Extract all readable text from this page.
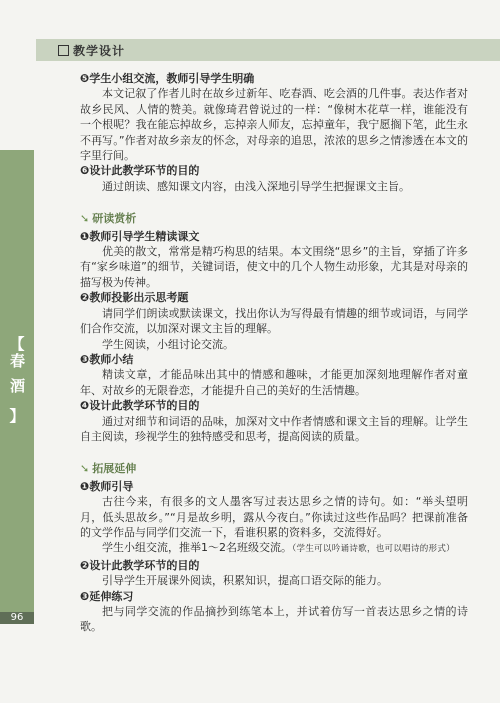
【
春酒
】
96
教学设计

❺学生小组交流，教师引导学生明确

本文记叙了作者儿时在故乡过新年、吃春酒、吃会酒的几件事。表达作者对故乡民风、人情的赞美。就像琦君曾说过的一样：“像树木花草一样，谁能没有一个根呢？我在能忘掉故乡，忘掉亲人师友，忘掉童年，我宁愿搁下笔，此生永不再写。”作者对故乡亲友的怀念，对母亲的追思，浓浓的思乡之情渗透在本文的字里行间。

❻设计此教学环节的目的

通过朗读、感知课文内容，由浅入深地引导学生把握课文主旨。

➘ 研读赏析

❶教师引导学生精读课文

优美的散文，常常是精巧构思的结果。本文围绕“思乡”的主旨，穿插了许多有“家乡味道”的细节，关键词语，使文中的几个人物生动形象，尤其是对母亲的描写极为传神。

❷教师投影出示思考题

请同学们朗读或默读课文，找出你认为写得最有情趣的细节或词语，与同学们合作交流，以加深对课文主旨的理解。

学生阅读，小组讨论交流。

❸教师小结

精读文章，才能品味出其中的情感和趣味，才能更加深刻地理解作者对童年、对故乡的无限眷恋，才能提升自己的美好的生活情趣。

❹设计此教学环节的目的

通过对细节和词语的品味，加深对文中作者情感和课文主旨的理解。让学生自主阅读，珍视学生的独特感受和思考，提高阅读的质量。

➘ 拓展延伸

❶教师引导

古往今来，有很多的文人墨客写过表达思乡之情的诗句。如：“举头望明月，低头思故乡。”“月是故乡明，露从今夜白。”你读过这些作品吗？把课前准备的文学作品与同学们交流一下，看谁积累的资料多，交流得好。

学生小组交流，推举1～2名班级交流。（学生可以吟诵诗歌，也可以唱诗的形式）

❷设计此教学环节的目的

引导学生开展课外阅读，积累知识，提高口语交际的能力。

❸延伸练习

把与同学交流的作品摘抄到练笔本上，并试着仿写一首表达思乡之情的诗歌。
